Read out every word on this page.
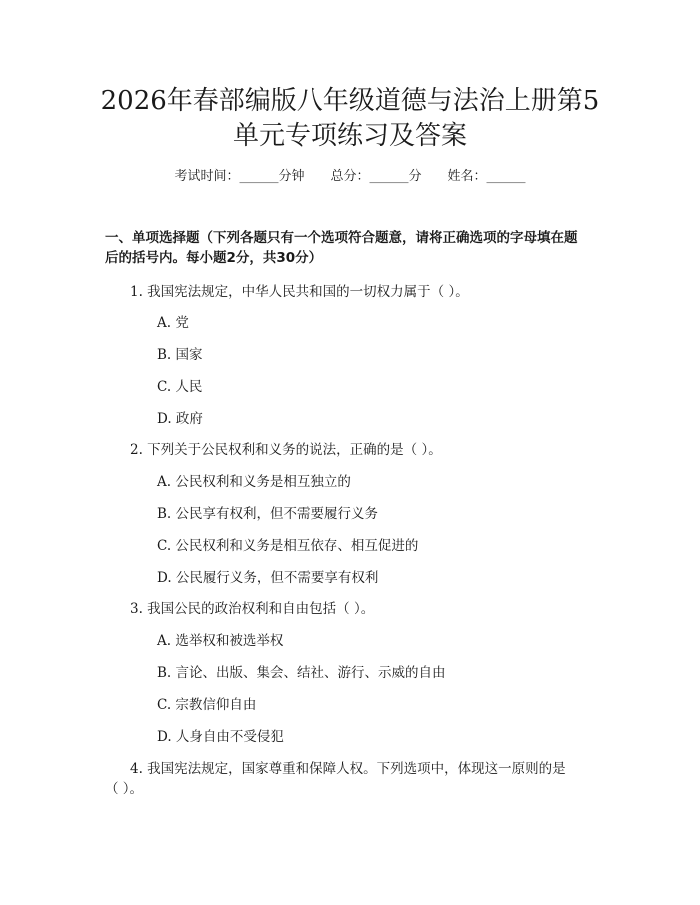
2026年春部编版八年级道德与法治上册第5
单元专项练习及答案
考试时间：______分钟 总分：______分 姓名：______
一、单项选择题（下列各题只有一个选项符合题意，请将正确选项的字母填在题
后的括号内。每小题2分，共30分）
1. 我国宪法规定，中华人民共和国的一切权力属于（ ）。
A. 党
B. 国家
C. 人民
D. 政府
2. 下列关于公民权利和义务的说法，正确的是（ ）。
A. 公民权利和义务是相互独立的
B. 公民享有权利，但不需要履行义务
C. 公民权利和义务是相互依存、相互促进的
D. 公民履行义务，但不需要享有权利
3. 我国公民的政治权利和自由包括（ ）。
A. 选举权和被选举权
B. 言论、出版、集会、结社、游行、示威的自由
C. 宗教信仰自由
D. 人身自由不受侵犯
4. 我国宪法规定，国家尊重和保障人权。下列选项中，体现这一原则的是
（ ）。
